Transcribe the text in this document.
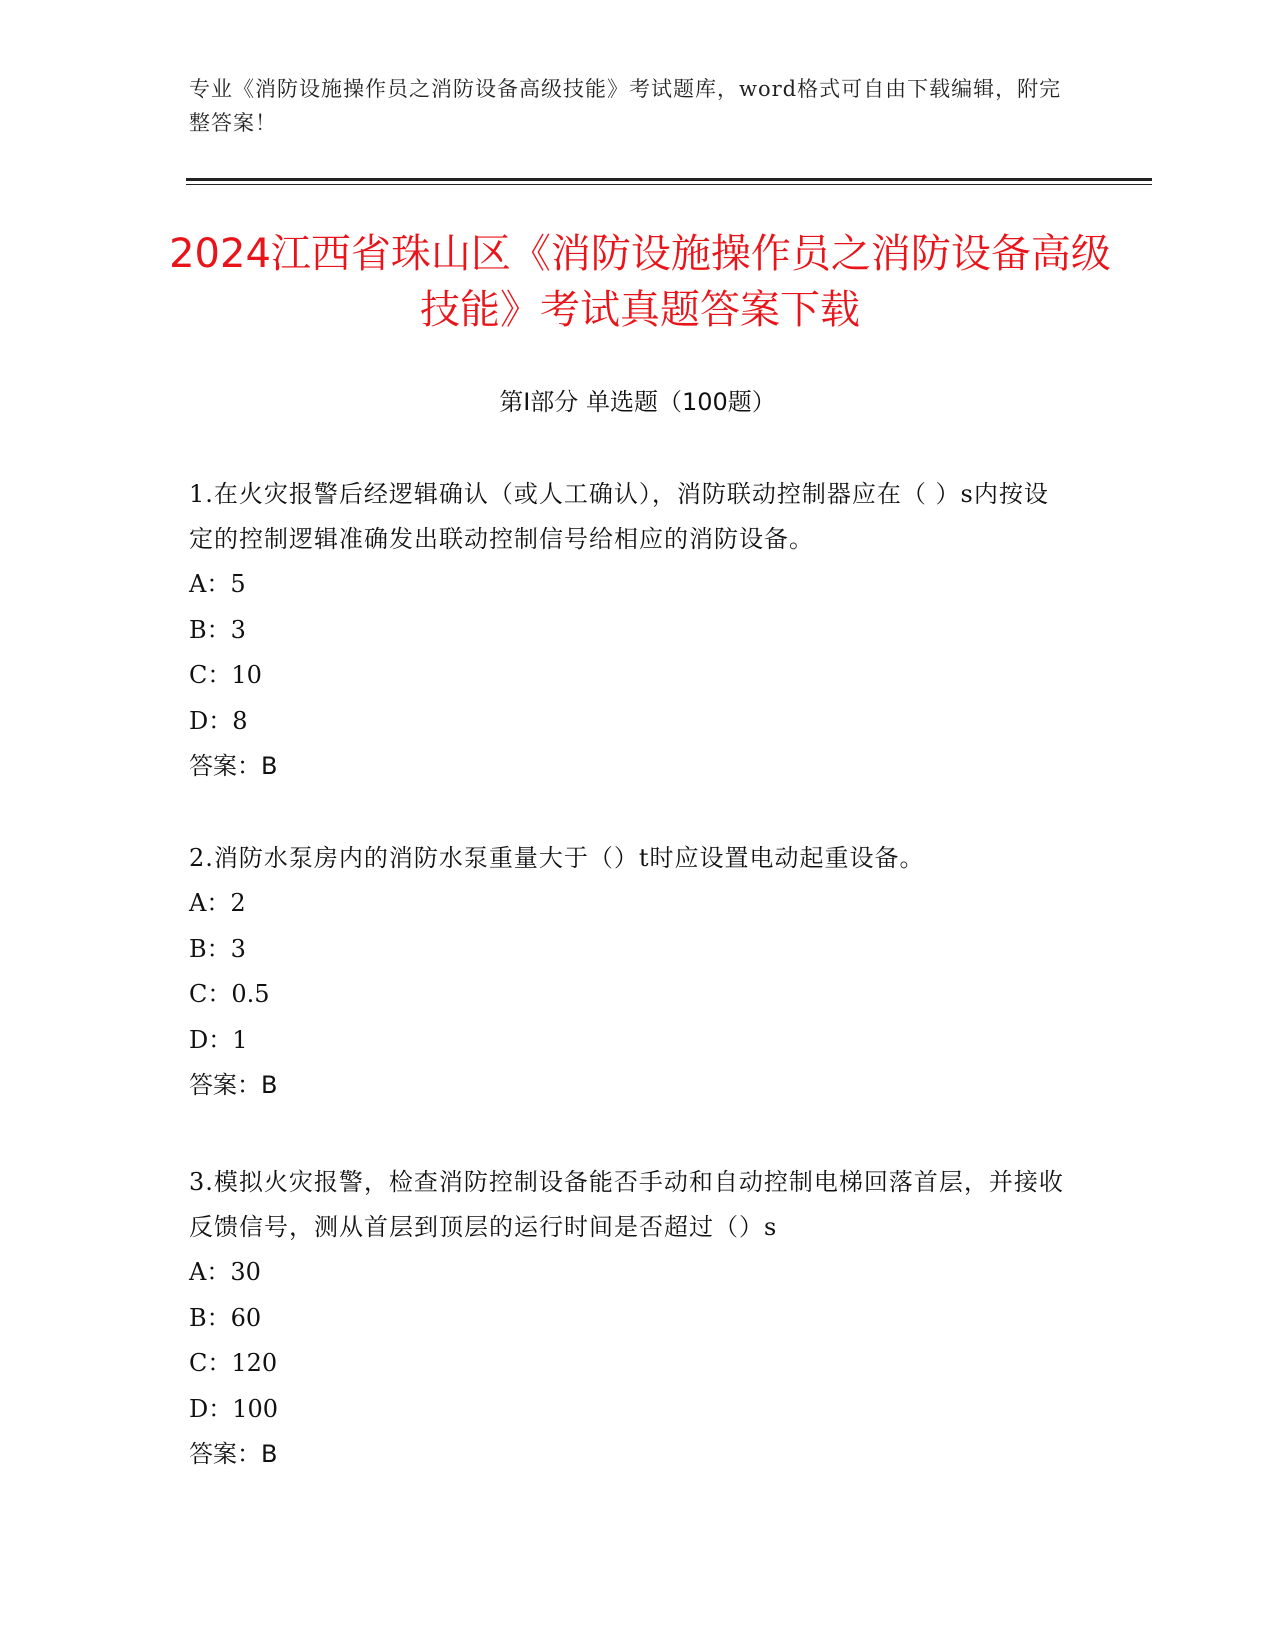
专业《消防设施操作员之消防设备高级技能》考试题库，word格式可自由下载编辑，附完整答案！
2024江西省珠山区《消防设施操作员之消防设备高级技能》考试真题答案下载
第I部分 单选题（100题）

1.在火灾报警后经逻辑确认（或人工确认），消防联动控制器应在（ ）s内按设定的控制逻辑准确发出联动控制信号给相应的消防设备。

A：5

B：3

C：10

D：8

答案：B

2.消防水泵房内的消防水泵重量大于（）t时应设置电动起重设备。

A：2

B：3

C：0.5

D：1

答案：B

3.模拟火灾报警，检查消防控制设备能否手动和自动控制电梯回落首层，并接收反馈信号，测从首层到顶层的运行时间是否超过（）s

A：30

B：60

C：120

D：100

答案：B
